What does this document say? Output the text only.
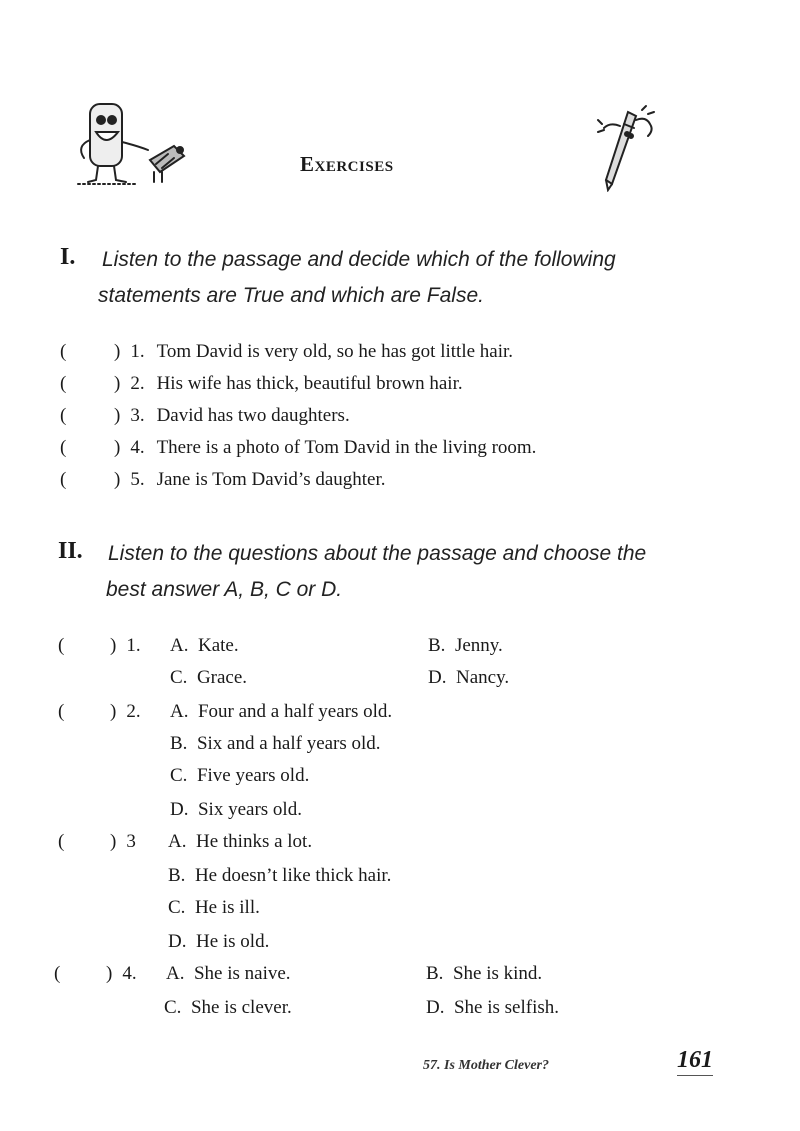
Exercises
I. Listen to the passage and decide which of the following
statements are True and which are False.
(	) 1. Tom David is very old, so he has got little hair.
(	) 2. His wife has thick, beautiful brown hair.
(	) 3. David has two daughters.
(	) 4. There is a photo of Tom David in the living room.
(	) 5. Jane is Tom David’s daughter.
II. Listen to the questions about the passage and choose the
best answer A, B, C or D.
( ) 1. A. Kate.	B. Jenny.
C. Grace.	D. Nancy.
( ) 2. A. Four and a half years old.
B. Six and a half years old.
C. Five years old.
D. Six years old.
( ) 3 A. He thinks a lot.
B. He doesn’t like thick hair.
C. He is ill.
D. He is old.
( ) 4. A. She is naive.	B. She is kind.
C. She is clever.	D. She is selfish.
57. Is Mother Clever?	161
